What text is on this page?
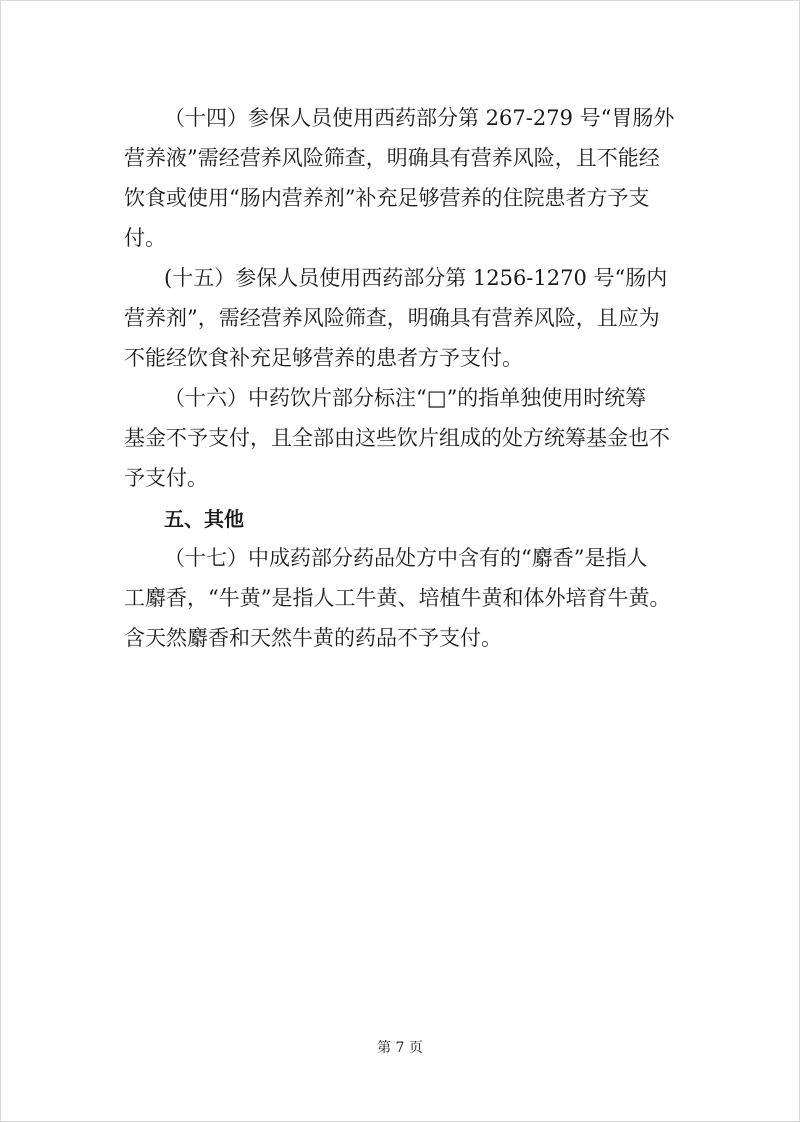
（十四）参保人员使用西药部分第 267-279 号“胃肠外
营养液”需经营养风险筛查，明确具有营养风险，且不能经
饮食或使用“肠内营养剂”补充足够营养的住院患者方予支
付。
(十五）参保人员使用西药部分第 1256-1270 号“肠内
营养剂”，需经营养风险筛查，明确具有营养风险，且应为
不能经饮食补充足够营养的患者方予支付。
（十六）中药饮片部分标注“□”的指单独使用时统筹
基金不予支付，且全部由这些饮片组成的处方统筹基金也不
予支付。
五、其他
（十七）中成药部分药品处方中含有的“麝香”是指人
工麝香，“牛黄”是指人工牛黄、培植牛黄和体外培育牛黄。
含天然麝香和天然牛黄的药品不予支付。
第 7 页
